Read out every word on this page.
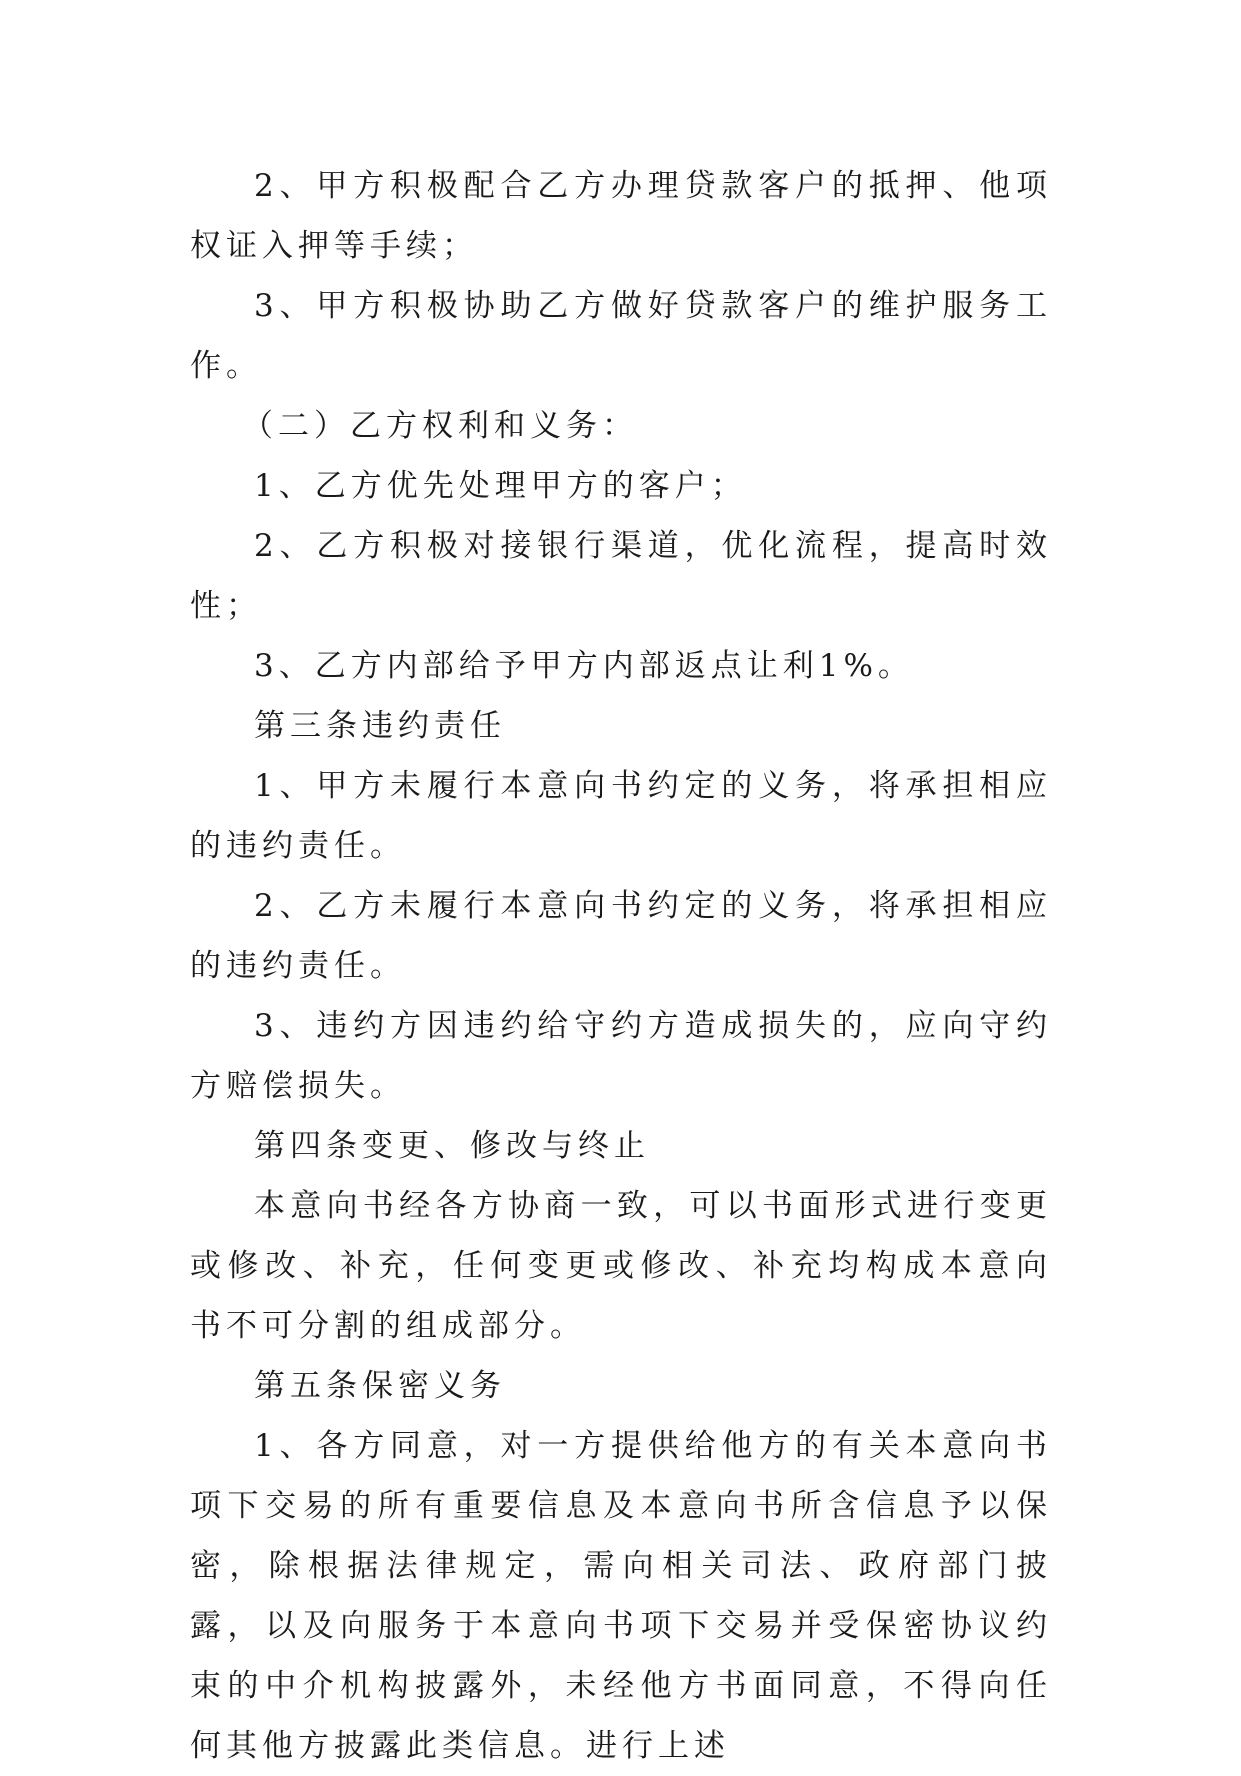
2、甲方积极配合乙方办理贷款客户的抵押、他项权证入押等手续；

3、甲方积极协助乙方做好贷款客户的维护服务工作。

（二）乙方权利和义务：

1、乙方优先处理甲方的客户；

2、乙方积极对接银行渠道，优化流程，提高时效性；

3、乙方内部给予甲方内部返点让利1%。

第三条违约责任

1、甲方未履行本意向书约定的义务，将承担相应的违约责任。

2、乙方未履行本意向书约定的义务，将承担相应的违约责任。

3、违约方因违约给守约方造成损失的，应向守约方赔偿损失。

第四条变更、修改与终止

本意向书经各方协商一致，可以书面形式进行变更或修改、补充，任何变更或修改、补充均构成本意向书不可分割的组成部分。

第五条保密义务

1、各方同意，对一方提供给他方的有关本意向书项下交易的所有重要信息及本意向书所含信息予以保密，除根据法律规定，需向相关司法、政府部门披露，以及向服务于本意向书项下交易并受保密协议约束的中介机构披露外，未经他方书面同意，不得向任何其他方披露此类信息。进行上述
